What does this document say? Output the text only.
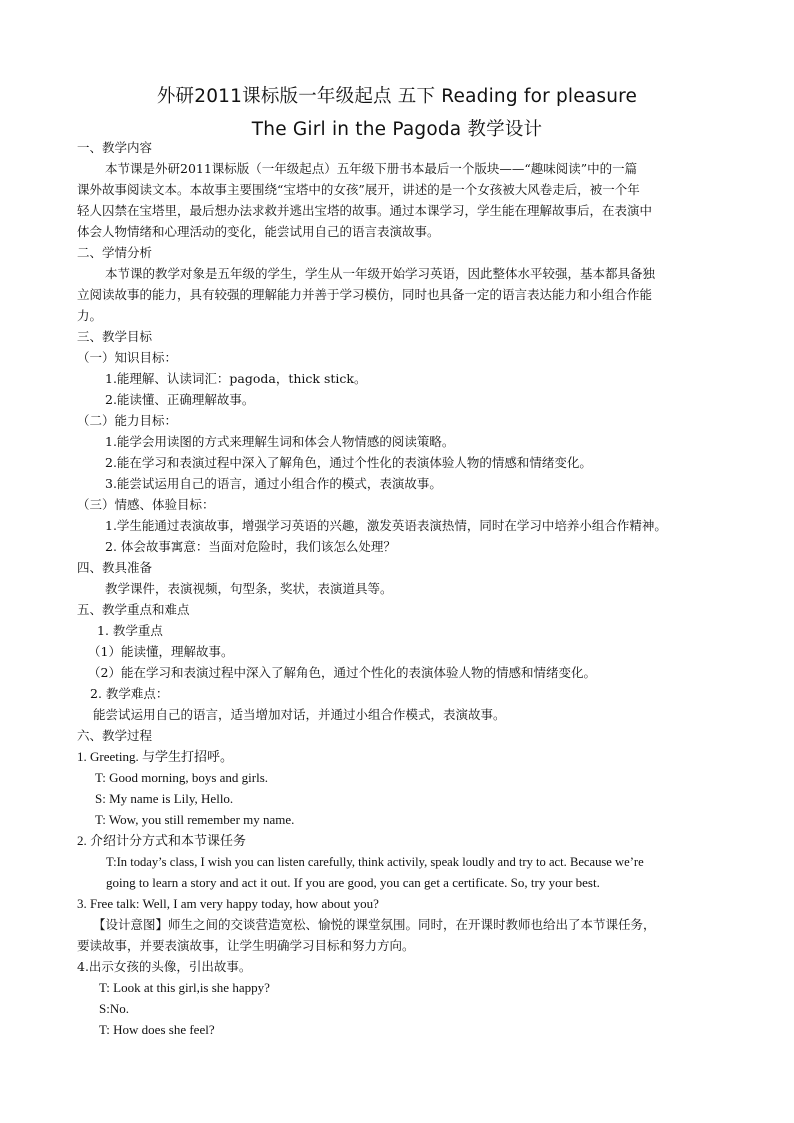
外研2011课标版一年级起点 五下 Reading for pleasure
The Girl in the Pagoda 教学设计
一、教学内容
本节课是外研2011课标版（一年级起点）五年级下册书本最后一个版块——“趣味阅读”中的一篇
课外故事阅读文本。本故事主要围绕“宝塔中的女孩”展开，讲述的是一个女孩被大风卷走后，被一个年
轻人囚禁在宝塔里，最后想办法求救并逃出宝塔的故事。通过本课学习，学生能在理解故事后，在表演中
体会人物情绪和心理活动的变化，能尝试用自己的语言表演故事。
二、学情分析
本节课的教学对象是五年级的学生，学生从一年级开始学习英语，因此整体水平较强，基本都具备独
立阅读故事的能力，具有较强的理解能力并善于学习模仿，同时也具备一定的语言表达能力和小组合作能
力。
三、教学目标
（一）知识目标：
1.能理解、认读词汇：pagoda，thick stick。
2.能读懂、正确理解故事。
（二）能力目标：
1.能学会用读图的方式来理解生词和体会人物情感的阅读策略。
2.能在学习和表演过程中深入了解角色，通过个性化的表演体验人物的情感和情绪变化。
3.能尝试运用自己的语言，通过小组合作的模式，表演故事。
（三）情感、体验目标：
1.学生能通过表演故事，增强学习英语的兴趣，激发英语表演热情，同时在学习中培养小组合作精神。
2. 体会故事寓意：当面对危险时，我们该怎么处理？
四、教具准备
教学课件，表演视频，句型条，奖状，表演道具等。
五、教学重点和难点
1. 教学重点
（1）能读懂，理解故事。
（2）能在学习和表演过程中深入了解角色，通过个性化的表演体验人物的情感和情绪变化。
2. 教学难点：
能尝试运用自己的语言，适当增加对话，并通过小组合作模式，表演故事。
六、教学过程
1. Greeting. 与学生打招呼。
T: Good morning, boys and girls.
S: My name is Lily, Hello.
T: Wow, you still remember my name.
2. 介绍计分方式和本节课任务
T:In today’s class, I wish you can listen carefully, think activily, speak loudly and try to act. Because we’re
going to learn a story and act it out. If you are good, you can get a certificate. So, try your best.
3. Free talk: Well, I am very happy today, how about you?
【设计意图】师生之间的交谈营造宽松、愉悦的课堂氛围。同时，在开课时教师也给出了本节课任务，
要读故事，并要表演故事，让学生明确学习目标和努力方向。
4.出示女孩的头像，引出故事。
T: Look at this girl,is she happy?
S:No.
T: How does she feel?
